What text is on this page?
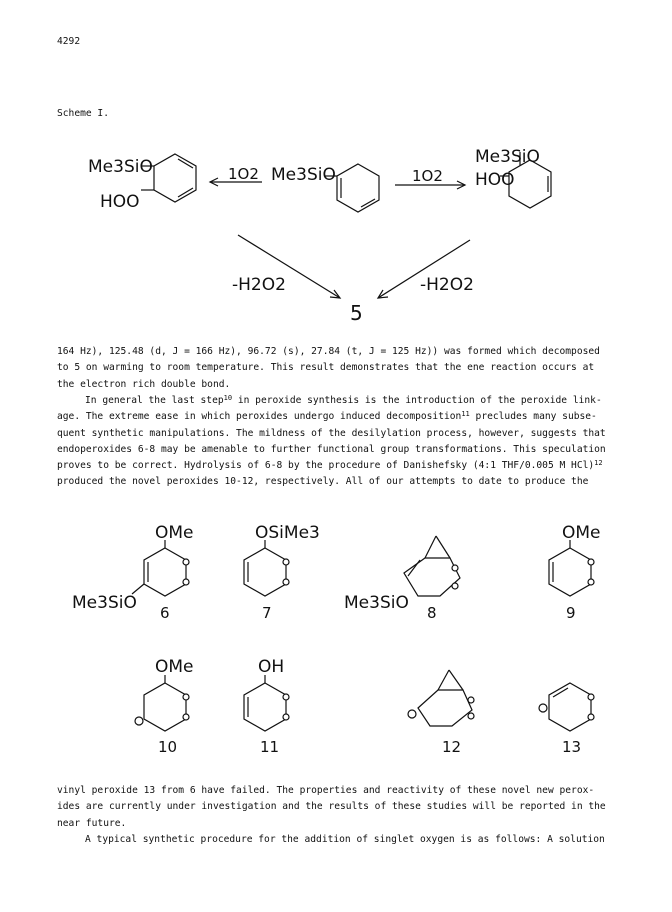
4292
Scheme I.
Me3SiO
HOO
1O2 Me3SiO	1O2
Me3SiO
HOO
-H2O2	-H2O2
5

164 Hz), 125.48 (d, J = 166 Hz), 96.72 (s), 27.84 (t, J = 125 Hz)) was formed which decomposed

to 5 on warming to room temperature. This result demonstrates that the ene reaction occurs at

the electron rich double bond.

In general the last step$^{10}$ in peroxide synthesis is the introduction of the peroxide link-

age. The extreme ease in which peroxides undergo induced decomposition$^{11}$ precludes many subse-

quent synthetic manipulations. The mildness of the desilylation process, however, suggests that

endoperoxides 6-8 may be amenable to further functional group transformations. This speculation

proves to be correct. Hydrolysis of 6-8 by the procedure of Danishefsky (4:1 THF/0.005 M HCl)$^{12}$

produced the novel peroxides 10-12, respectively. All of our attempts to date to produce the

OMe
Me3SiO 6
OSiMe3
7	Me3SiO 8
OMe
9
OMe
10
OH
11	12	13

vinyl peroxide 13 from 6 have failed. The properties and reactivity of these novel new perox-

ides are currently under investigation and the results of these studies will be reported in the

near future.

A typical synthetic procedure for the addition of singlet oxygen is as follows: A solution
